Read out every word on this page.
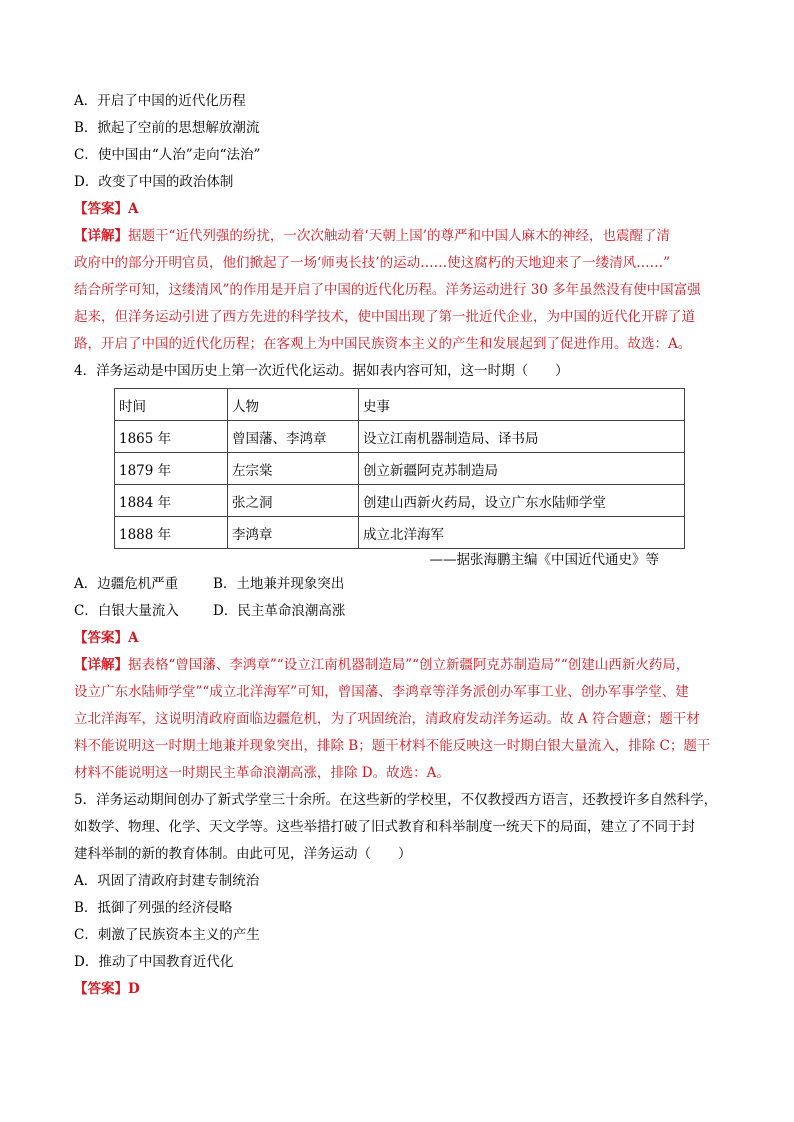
A．开启了中国的近代化历程
B．掀起了空前的思想解放潮流
C．使中国由“人治”走向“法治”
D．改变了中国的政治体制
【答案】A
【详解】据题干“近代列强的纷扰，一次次触动着‘天朝上国’的尊严和中国人麻木的神经，也震醒了清
政府中的部分开明官员，他们掀起了一场‘师夷长技’的运动……使这腐朽的天地迎来了一缕清风……”
结合所学可知，这缕清风”的作用是开启了中国的近代化历程。洋务运动进行 30 多年虽然没有使中国富强
起来，但洋务运动引进了西方先进的科学技术，使中国出现了第一批近代企业，为中国的近代化开辟了道
路，开启了中国的近代化历程；在客观上为中国民族资本主义的产生和发展起到了促进作用。故选：A。
4．洋务运动是中国历史上第一次近代化运动。据如表内容可知，这一时期（　　）
时间	人物	史事
1865 年	曾国藩、李鸿章	设立江南机器制造局、译书局
1879 年	左宗棠	创立新疆阿克苏制造局
1884 年	张之洞	创建山西新火药局，设立广东水陆师学堂
1888 年	李鸿章	成立北洋海军
——据张海鹏主编《中国近代通史》等
A．边疆危机严重	B．土地兼并现象突出
C．白银大量流入	D．民主革命浪潮高涨
【答案】A
【详解】据表格“曾国藩、李鸿章”“设立江南机器制造局”“创立新疆阿克苏制造局”“创建山西新火药局，
设立广东水陆师学堂”“成立北洋海军”可知，曾国藩、李鸿章等洋务派创办军事工业、创办军事学堂、建
立北洋海军，这说明清政府面临边疆危机，为了巩固统治，清政府发动洋务运动。故 A 符合题意；题干材
料不能说明这一时期土地兼并现象突出，排除 B；题干材料不能反映这一时期白银大量流入，排除 C；题干
材料不能说明这一时期民主革命浪潮高涨，排除 D。故选：A。
5．洋务运动期间创办了新式学堂三十余所。在这些新的学校里，不仅教授西方语言，还教授许多自然科学，
如数学、物理、化学、天文学等。这些举措打破了旧式教育和科举制度一统天下的局面，建立了不同于封
建科举制的新的教育体制。由此可见，洋务运动（　　）
A．巩固了清政府封建专制统治
B．抵御了列强的经济侵略
C．刺激了民族资本主义的产生
D．推动了中国教育近代化
【答案】D
